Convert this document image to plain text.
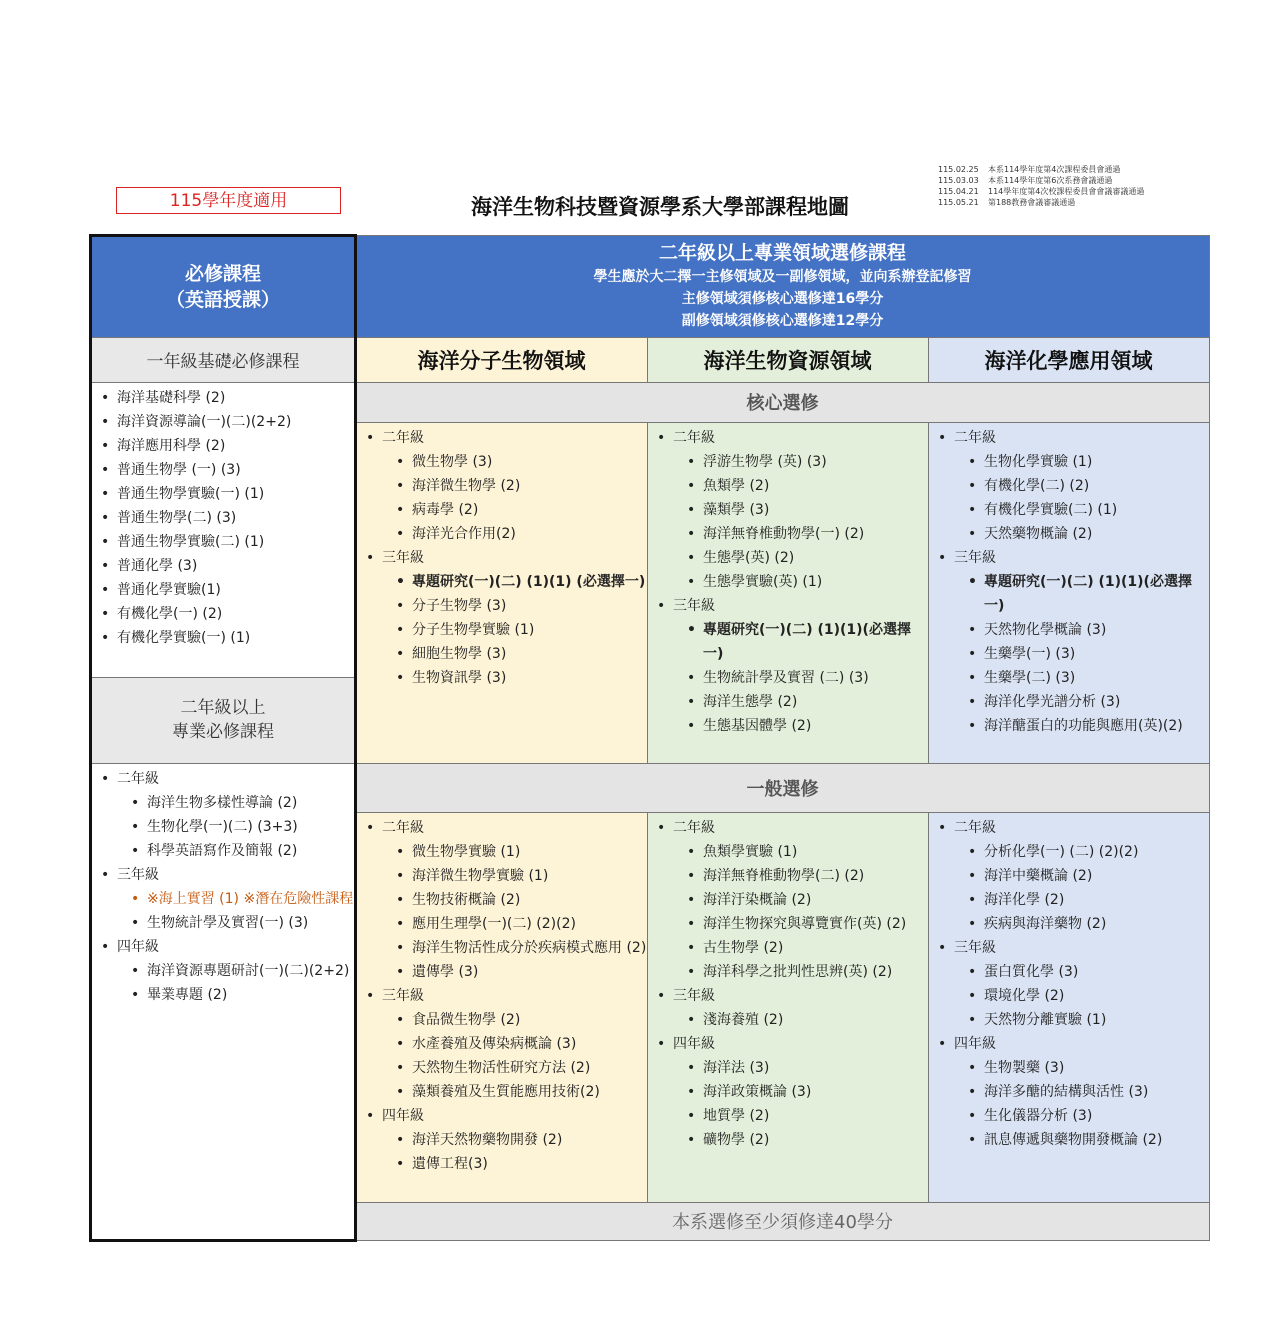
115學年度適用	海洋生物科技暨資源學系大學部課程地圖
115.02.25 本系114學年度第4次課程委員會通過
115.03.03 本系114學年度第6次系務會議通過
115.04.21 114學年度第4次校課程委員會會議審議通過
115.05.21 第188教務會議審議通過
必修課程
（英語授課）
一年級基礎必修課程
• 海洋基礎科學 (2)
• 海洋資源導論(一)(二)(2+2)
• 海洋應用科學 (2)
• 普通生物學 (一) (3)
• 普通生物學實驗(一) (1)
• 普通生物學(二) (3)
• 普通生物學實驗(二) (1)
• 普通化學 (3)
• 普通化學實驗(1)
• 有機化學(一) (2)
• 有機化學實驗(一) (1)
二年級以上
專業必修課程
• 二年級
• 海洋生物多樣性導論 (2)
• 生物化學(一)(二) (3+3)
• 科學英語寫作及簡報 (2)
• 三年級
• ※海上實習 (1) ※潛在危險性課程
• 生物統計學及實習(一) (3)
• 四年級
• 海洋資源專題研討(一)(二)(2+2)
• 畢業專題 (2)
二年級以上專業領域選修課程
學生應於大二擇一主修領域及一副修領域，並向系辦登記修習
主修領域須修核心選修達16學分
副修領域須修核心選修達12學分
海洋分子生物領域	海洋生物資源領域	海洋化學應用領域
核心選修
• 二年級
• 微生物學 (3)
• 海洋微生物學 (2)
• 病毒學 (2)
• 海洋光合作用(2)
• 三年級
• 專題研究(一)(二) (1)(1) (必選擇一)
• 分子生物學 (3)
• 分子生物學實驗 (1)
• 細胞生物學 (3)
• 生物資訊學 (3)
• 二年級
• 浮游生物學 (英) (3)
• 魚類學 (2)
• 藻類學 (3)
• 海洋無脊椎動物學(一) (2)
• 生態學(英) (2)
• 生態學實驗(英) (1)
• 三年級
• 專題研究(一)(二) (1)(1)(必選擇一)
• 生物統計學及實習 (二) (3)
• 海洋生態學 (2)
• 生態基因體學 (2)
• 二年級
• 生物化學實驗 (1)
• 有機化學(二) (2)
• 有機化學實驗(二) (1)
• 天然藥物概論 (2)
• 三年級
• 專題研究(一)(二) (1)(1)(必選擇一)
• 天然物化學概論 (3)
• 生藥學(一) (3)
• 生藥學(二) (3)
• 海洋化學光譜分析 (3)
• 海洋醣蛋白的功能與應用(英)(2)
一般選修
• 二年級
• 微生物學實驗 (1)
• 海洋微生物學實驗 (1)
• 生物技術概論 (2)
• 應用生理學(一)(二) (2)(2)
• 海洋生物活性成分於疾病模式應用 (2)
• 遺傳學 (3)
• 三年級
• 食品微生物學 (2)
• 水產養殖及傳染病概論 (3)
• 天然物生物活性研究方法 (2)
• 藻類養殖及生質能應用技術(2)
• 四年級
• 海洋天然物藥物開發 (2)
• 遺傳工程(3)
• 二年級
• 魚類學實驗 (1)
• 海洋無脊椎動物學(二) (2)
• 海洋汙染概論 (2)
• 海洋生物探究與導覽實作(英) (2)
• 古生物學 (2)
• 海洋科學之批判性思辨(英) (2)
• 三年級
• 淺海養殖 (2)
• 四年級
• 海洋法 (3)
• 海洋政策概論 (3)
• 地質學 (2)
• 礦物學 (2)
• 二年級
• 分析化學(一) (二) (2)(2)
• 海洋中藥概論 (2)
• 海洋化學 (2)
• 疾病與海洋藥物 (2)
• 三年級
• 蛋白質化學 (3)
• 環境化學 (2)
• 天然物分離實驗 (1)
• 四年級
• 生物製藥 (3)
• 海洋多醣的結構與活性 (3)
• 生化儀器分析 (3)
• 訊息傳遞與藥物開發概論 (2)
本系選修至少須修達40學分
